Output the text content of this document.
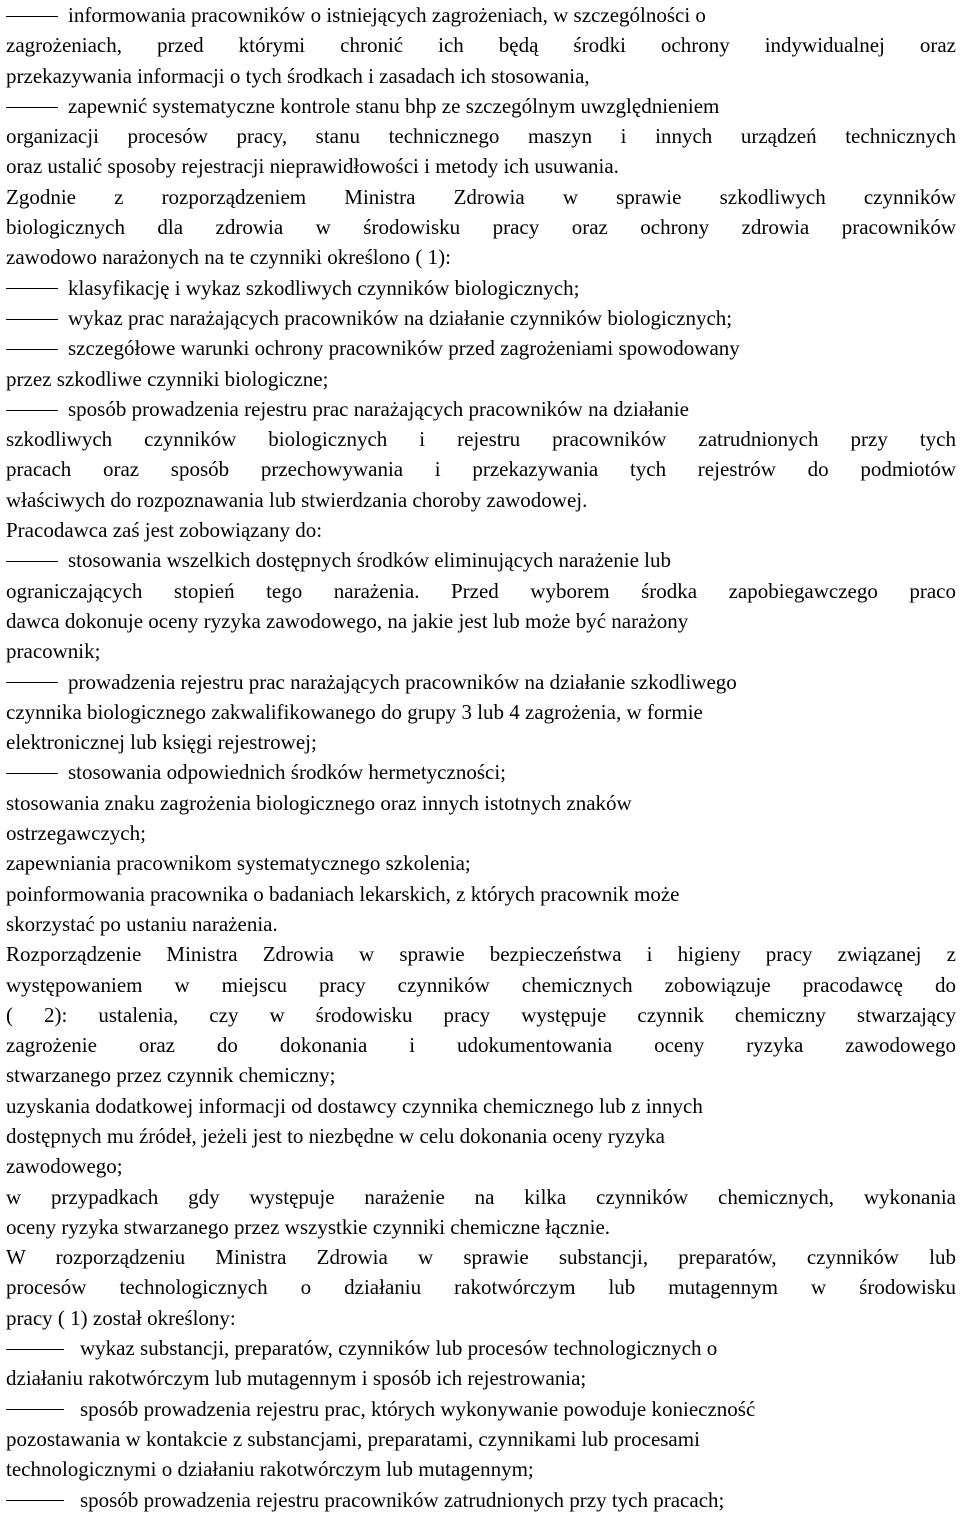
informowania pracowników o istniejących zagrożeniach, w szczególności o
zagrożeniach, przed którymi chronić ich będą środki ochrony indywidualnej oraz
przekazywania informacji o tych środkach i zasadach ich stosowania,
zapewnić systematyczne kontrole stanu bhp ze szczególnym uwzględnieniem
organizacji procesów pracy, stanu technicznego maszyn i innych urządzeń technicznych
oraz ustalić sposoby rejestracji nieprawidłowości i metody ich usuwania.
Zgodnie z rozporządzeniem Ministra Zdrowia w sprawie szkodliwych czynników
biologicznych dla zdrowia w środowisku pracy oraz ochrony zdrowia pracowników
zawodowo narażonych na te czynniki określono ( 1):
klasyfikację i wykaz szkodliwych czynników biologicznych;
wykaz prac narażających pracowników na działanie czynników biologicznych;
szczegółowe warunki ochrony pracowników przed zagrożeniami spowodowany
przez szkodliwe czynniki biologiczne;
sposób prowadzenia rejestru prac narażających pracowników na działanie
szkodliwych czynników biologicznych i rejestru pracowników zatrudnionych przy tych
pracach oraz sposób przechowywania i przekazywania tych rejestrów do podmiotów
właściwych do rozpoznawania lub stwierdzania choroby zawodowej.
Pracodawca zaś jest zobowiązany do:
stosowania wszelkich dostępnych środków eliminujących narażenie lub
ograniczających stopień tego narażenia. Przed wyborem środka zapobiegawczego praco
dawca dokonuje oceny ryzyka zawodowego, na jakie jest lub może być narażony
pracownik;
prowadzenia rejestru prac narażających pracowników na działanie szkodliwego
czynnika biologicznego zakwalifikowanego do grupy 3 lub 4 zagrożenia, w formie
elektronicznej lub księgi rejestrowej;
stosowania odpowiednich środków hermetyczności;
stosowania znaku zagrożenia biologicznego oraz innych istotnych znaków
ostrzegawczych;
zapewniania pracownikom systematycznego szkolenia;
poinformowania pracownika o badaniach lekarskich, z których pracownik może
skorzystać po ustaniu narażenia.
Rozporządzenie Ministra Zdrowia w sprawie bezpieczeństwa i higieny pracy związanej z
występowaniem w miejscu pracy czynników chemicznych zobowiązuje pracodawcę do
( 2): ustalenia, czy w środowisku pracy występuje czynnik chemiczny stwarzający
zagrożenie oraz do dokonania i udokumentowania oceny ryzyka zawodowego
stwarzanego przez czynnik chemiczny;
uzyskania dodatkowej informacji od dostawcy czynnika chemicznego lub z innych
dostępnych mu źródeł, jeżeli jest to niezbędne w celu dokonania oceny ryzyka
zawodowego;
w przypadkach gdy występuje narażenie na kilka czynników chemicznych, wykonania
oceny ryzyka stwarzanego przez wszystkie czynniki chemiczne łącznie.
W rozporządzeniu Ministra Zdrowia w sprawie substancji, preparatów, czynników lub
procesów technologicznych o działaniu rakotwórczym lub mutagennym w środowisku
pracy ( 1) został określony:
wykaz substancji, preparatów, czynników lub procesów technologicznych o
działaniu rakotwórczym lub mutagennym i sposób ich rejestrowania;
sposób prowadzenia rejestru prac, których wykonywanie powoduje konieczność
pozostawania w kontakcie z substancjami, preparatami, czynnikami lub procesami
technologicznymi o działaniu rakotwórczym lub mutagennym;
sposób prowadzenia rejestru pracowników zatrudnionych przy tych pracach;
